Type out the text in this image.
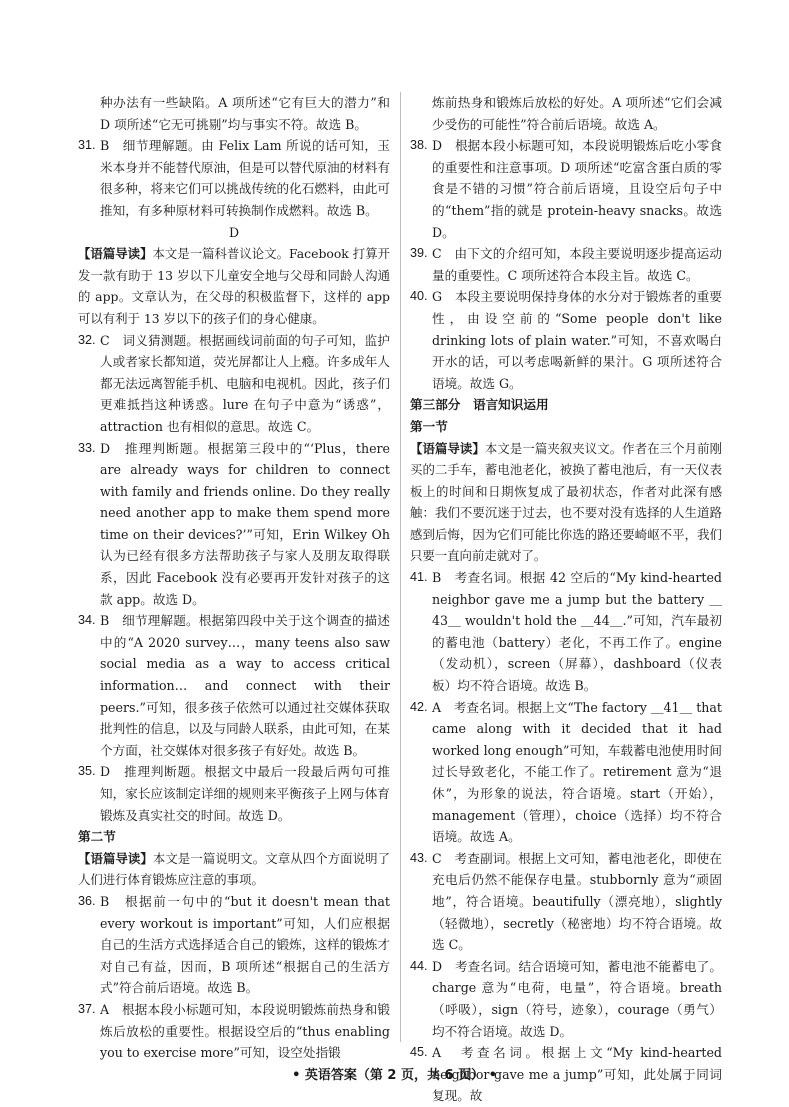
种办法有一些缺陷。A 项所述“它有巨大的潜力”和 D 项所述“它无可挑剔”均与事实不符。故选 B。

31. B　细节理解题。由 Felix Lam 所说的话可知，玉米本身并不能替代原油，但是可以替代原油的材料有很多种，将来它们可以挑战传统的化石燃料，由此可推知，有多种原材料可转换制作成燃料。故选 B。

D

【语篇导读】本文是一篇科普议论文。Facebook 打算开发一款有助于 13 岁以下儿童安全地与父母和同龄人沟通的 app。文章认为，在父母的积极监督下，这样的 app 可以有利于 13 岁以下的孩子们的身心健康。

32. C　词义猜测题。根据画线词前面的句子可知，监护人或者家长都知道，荧光屏都让人上瘾。许多成年人都无法远离智能手机、电脑和电视机。因此，孩子们更难抵挡这种诱惑。lure 在句子中意为“诱惑”，attraction 也有相似的意思。故选 C。
33. D　推理判断题。根据第三段中的“‘Plus，there are already ways for children to connect with family and friends online. Do they really need another app to make them spend more time on their devices?’”可知，Erin Wilkey Oh 认为已经有很多方法帮助孩子与家人及朋友取得联系，因此 Facebook 没有必要再开发针对孩子的这款 app。故选 D。
34. B　细节理解题。根据第四段中关于这个调查的描述中的“A 2020 survey…，many teens also saw social media as a way to access critical information… and connect with their peers.”可知，很多孩子依然可以通过社交媒体获取批判性的信息，以及与同龄人联系，由此可知，在某个方面，社交媒体对很多孩子有好处。故选 B。
35. D　推理判断题。根据文中最后一段最后两句可推知，家长应该制定详细的规则来平衡孩子上网与体育锻炼及真实社交的时间。故选 D。

第二节

【语篇导读】本文是一篇说明文。文章从四个方面说明了人们进行体育锻炼应注意的事项。

36. B　根据前一句中的“but it doesn't mean that every workout is important”可知，人们应根据自己的生活方式选择适合自己的锻炼，这样的锻炼才对自己有益，因而，B 项所述“根据自己的生活方式”符合前后语境。故选 B。
37. A　根据本段小标题可知，本段说明锻炼前热身和锻炼后放松的重要性。根据设空后的“thus enabling you to exercise more”可知，设空处指锻

炼前热身和锻炼后放松的好处。A 项所述“它们会减少受伤的可能性”符合前后语境。故选 A。

38. D　根据本段小标题可知，本段说明锻炼后吃小零食的重要性和注意事项。D 项所述“吃富含蛋白质的零食是不错的习惯”符合前后语境，且设空后句子中的“them”指的就是 protein-heavy snacks。故选 D。
39. C　由下文的介绍可知，本段主要说明逐步提高运动量的重要性。C 项所述符合本段主旨。故选 C。
40. G　本段主要说明保持身体的水分对于锻炼者的重要性，由设空前的“Some people don't like drinking lots of plain water.”可知，不喜欢喝白开水的话，可以考虑喝新鲜的果汁。G 项所述符合语境。故选 G。

第三部分　语言知识运用

第一节

【语篇导读】本文是一篇夹叙夹议文。作者在三个月前刚买的二手车，蓄电池老化，被换了蓄电池后，有一天仪表板上的时间和日期恢复成了最初状态，作者对此深有感触：我们不要沉迷于过去，也不要对没有选择的人生道路感到后悔，因为它们可能比你选的路还要崎岖不平，我们只要一直向前走就对了。

41. B　考查名词。根据 42 空后的“My kind-hearted neighbor gave me a jump but the battery ＿43＿ wouldn't hold the ＿44＿.”可知，汽车最初的蓄电池（battery）老化，不再工作了。engine（发动机），screen（屏幕），dashboard（仪表板）均不符合语境。故选 B。
42. A　考查名词。根据上文“The factory ＿41＿ that came along with it decided that it had worked long enough”可知，车载蓄电池使用时间过长导致老化，不能工作了。retirement 意为“退休”，为形象的说法，符合语境。start（开始），management（管理），choice（选择）均不符合语境。故选 A。
43. C　考查副词。根据上文可知，蓄电池老化，即使在充电后仍然不能保存电量。stubbornly 意为“顽固地”，符合语境。beautifully（漂亮地），slightly（轻微地），secretly（秘密地）均不符合语境。故选 C。
44. D　考查名词。结合语境可知，蓄电池不能蓄电了。charge 意为“电荷，电量”，符合语境。breath（呼吸），sign（符号，迹象），courage（勇气）均不符合语境。故选 D。
45. A　考查名词。根据上文“My kind-hearted neighbor gave me a jump”可知，此处属于同词复现。故
• 英语答案（第 2 页，共 6 页） •
